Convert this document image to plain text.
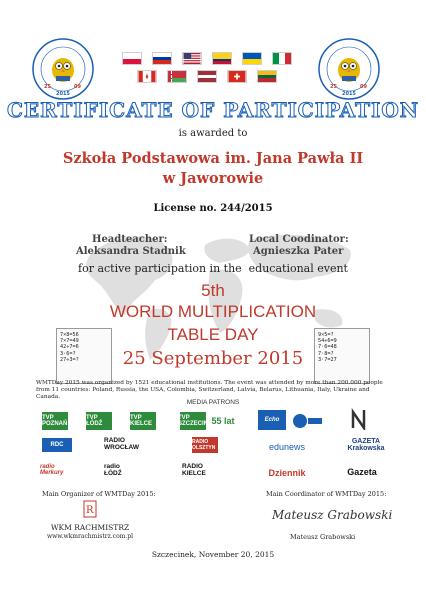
25	09
2015
25	09
2015
CERTIFICATE OF PARTICIPATION
is awarded to
Szkoła Podstawowa im. Jana Pawła II
w Jaworowie
License no. 244/2015
Headteacher:
Aleksandra Stadnik
Local Coodinator:
Agnieszka Pater
for active participation in the  educational event
5th
WORLD MULTIPLICATION
TABLE DAY
25 September 2015
7×8=56
7×7=49
42÷7=6
3·6=?
27÷3=?
9×5=?
54÷6=9
7·6=48
7·8=?
3·7=27
WMTDay 2015 was organized by 1521 educational institutions. The event was attended by more than 200.000 people from 11 countries: Poland, Russia, the USA, Colombia, Switzerland, Latvia, Belarus, Lithuania, Italy, Ukraine and Canada.
MEDIA PATRONS
TVP POZNAŃ
TVP ŁÓDŹ
TVP KIELCE
TVP SZCZECIN 55 lat	Echo
RDC
RADIO WROCŁAW
RADIO OLSZTYN	edunews
GAZETA Krakowska
radio Merkury
radio ŁÓDŹ
RADIO KIELCE	Dziennik	Gazeta
Main Organizer of WMTDay 2015:
R
WKM RACHMISTRZ
www.wkmrachmistrz.com.pl
Main Coordinator of WMTDay 2015:
Mateusz Grabowski
Mateusz Grabowski
Szczecinek, November 20, 2015
